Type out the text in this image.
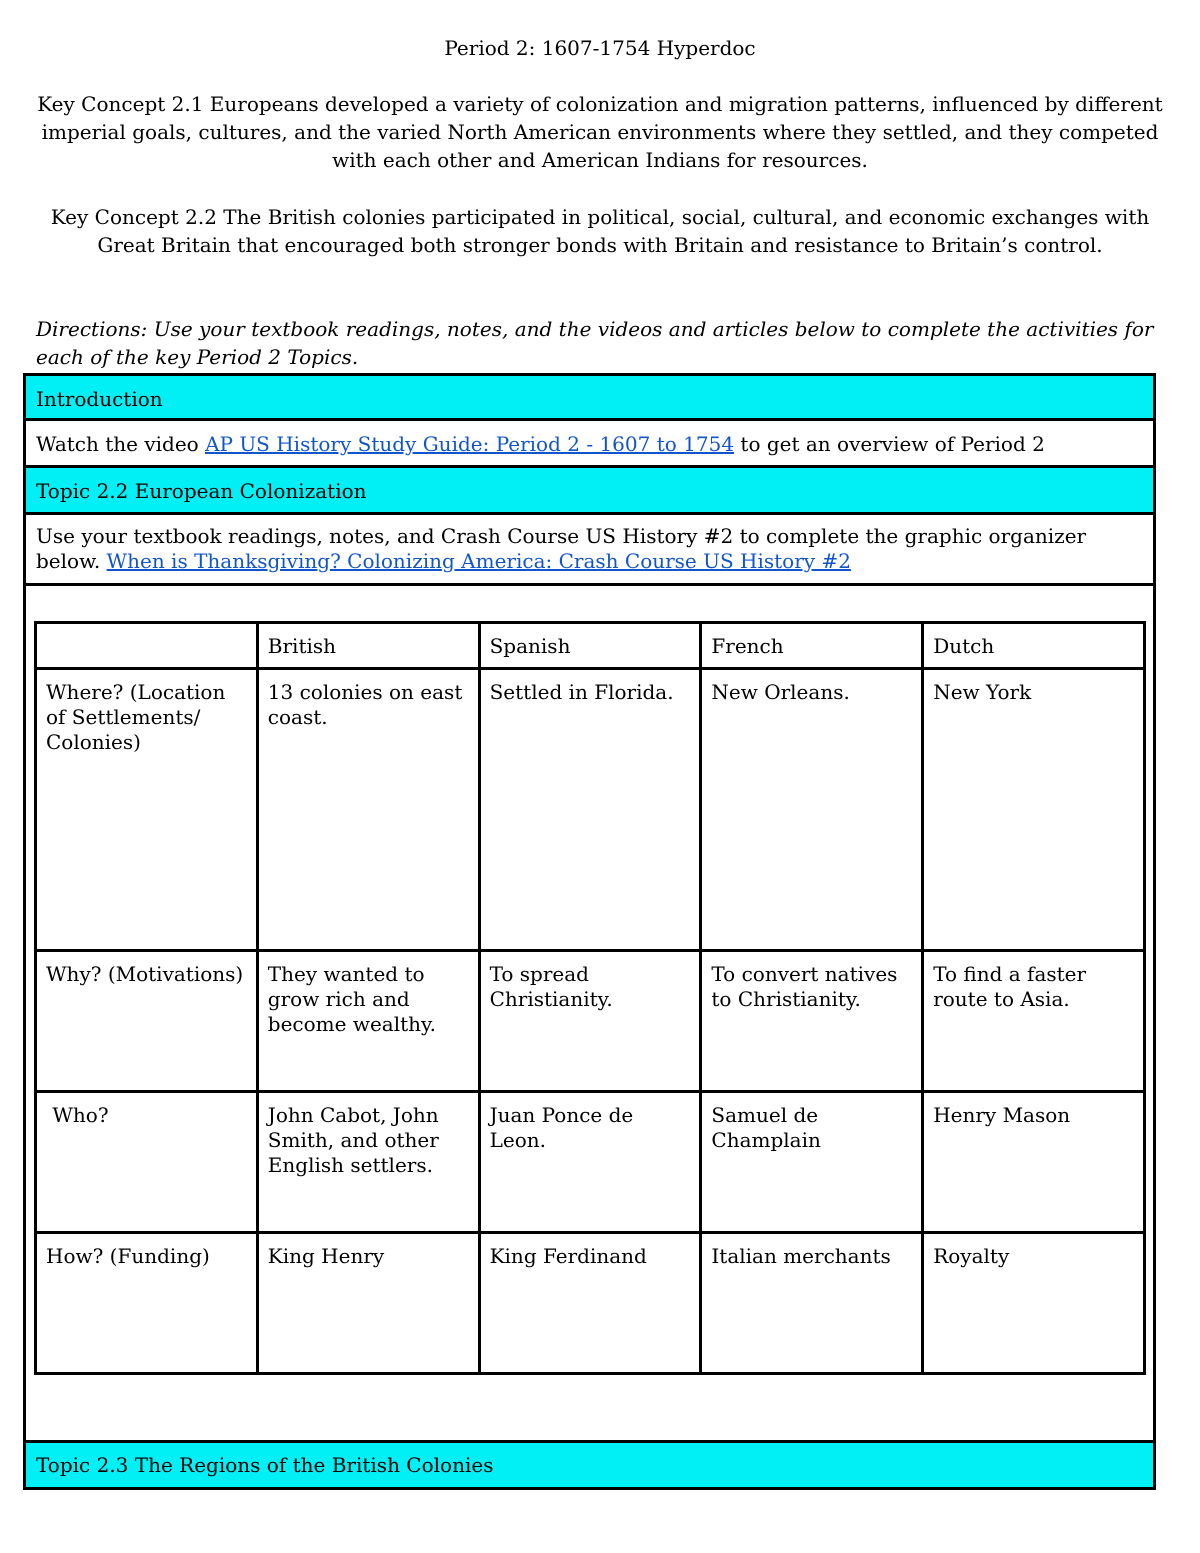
Period 2: 1607-1754 Hyperdoc
Key Concept 2.1 Europeans developed a variety of colonization and migration patterns, influenced by different imperial goals, cultures, and the varied North American environments where they settled, and they competed with each other and American Indians for resources.
Key Concept 2.2 The British colonies participated in political, social, cultural, and economic exchanges with Great Britain that encouraged both stronger bonds with Britain and resistance to Britain’s control.
Directions: Use your textbook readings, notes, and the videos and articles below to complete the activities for each of the key Period 2 Topics.
Introduction
Watch the video AP US History Study Guide: Period 2 - 1607 to 1754 to get an overview of Period 2
Topic 2.2 European Colonization
Use your textbook readings, notes, and Crash Course US History #2 to complete the graphic organizer below. When is Thanksgiving? Colonizing America: Crash Course US History #2
	British	Spanish	French	Dutch
Where? (Location of Settlements/ Colonies)	13 colonies on east coast.	Settled in Florida.	New Orleans.	New York
Why? (Motivations)	They wanted to grow rich and become wealthy.	To spread Christianity.	To convert natives to Christianity.	To find a faster route to Asia.
Who?	John Cabot, John Smith, and other English settlers.	Juan Ponce de Leon.	Samuel de Champlain	Henry Mason
How? (Funding)	King Henry	King Ferdinand	Italian merchants	Royalty
Topic 2.3 The Regions of the British Colonies
